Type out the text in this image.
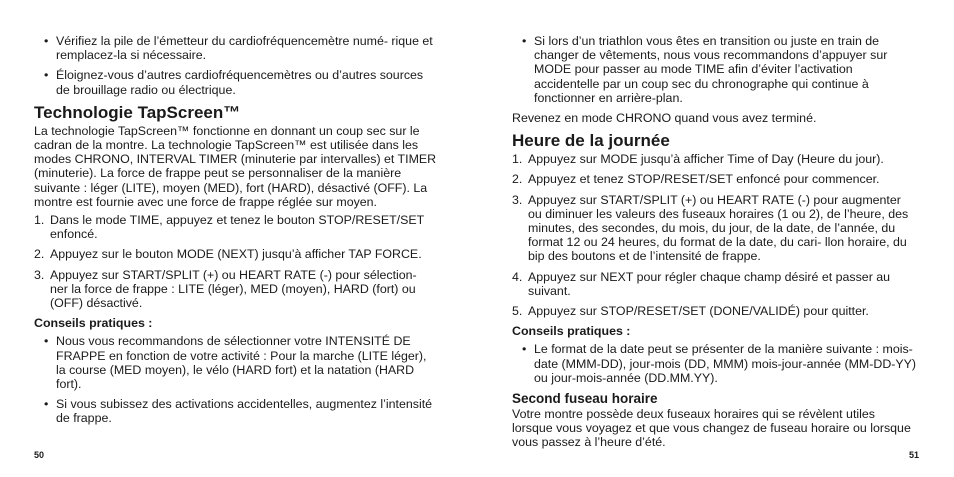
• Vérifiez la pile de l’émetteur du cardiofréquencemètre numé- rique et remplacez-la si nécessaire.
• Éloignez-vous d’autres cardiofréquencemètres ou d’autres sources de brouillage radio ou électrique.
Technologie TapScreen™

La technologie TapScreen™ fonctionne en donnant un coup sec sur le cadran de la montre. La technologie TapScreen™ est utilisée dans les modes CHRONO, INTERVAL TIMER (minuterie par intervalles) et TIMER (minuterie). La force de frappe peut se personnaliser de la manière suivante : léger (LITE), moyen (MED), fort (HARD), désactivé (OFF). La montre est fournie avec une force de frappe réglée sur moyen.

1. Dans le mode TIME, appuyez et tenez le bouton STOP/RESET/SET enfoncé.
2. Appuyez sur le bouton MODE (NEXT) jusqu’à afficher TAP FORCE.
3. Appuyez sur START/SPLIT (+) ou HEART RATE (-) pour sélection- ner la force de frappe : LITE (léger), MED (moyen), HARD (fort) ou (OFF) désactivé.
Conseils pratiques :
• Nous vous recommandons de sélectionner votre INTENSITÉ DE FRAPPE en fonction de votre activité : Pour la marche (LITE léger), la course (MED moyen), le vélo (HARD fort) et la natation (HARD fort).
• Si vous subissez des activations accidentelles, augmentez l’intensité de frappe.
• Si lors d’un triathlon vous êtes en transition ou juste en train de changer de vêtements, nous vous recommandons d’appuyer sur MODE pour passer au mode TIME afin d’éviter l’activation accidentelle par un coup sec du chronographe qui continue à fonctionner en arrière-plan.

Revenez en mode CHRONO quand vous avez terminé.

Heure de la journée
1. Appuyez sur MODE jusqu’à afficher Time of Day (Heure du jour).
2. Appuyez et tenez STOP/RESET/SET enfoncé pour commencer.
3. Appuyez sur START/SPLIT (+) ou HEART RATE (-) pour augmenter ou diminuer les valeurs des fuseaux horaires (1 ou 2), de l’heure, des minutes, des secondes, du mois, du jour, de la date, de l’année, du format 12 ou 24 heures, du format de la date, du cari- llon horaire, du bip des boutons et de l’intensité de frappe.
4. Appuyez sur NEXT pour régler chaque champ désiré et passer au suivant.
5. Appuyez sur STOP/RESET/SET (DONE/VALIDÉ) pour quitter.
Conseils pratiques :
• Le format de la date peut se présenter de la manière suivante : mois-date (MMM-DD), jour-mois (DD, MMM) mois-jour-année (MM-DD-YY) ou jour-mois-année (DD.MM.YY).
Second fuseau horaire

Votre montre possède deux fuseaux horaires qui se révèlent utiles lorsque vous voyagez et que vous changez de fuseau horaire ou lorsque vous passez à l’heure d’été.

50	51
